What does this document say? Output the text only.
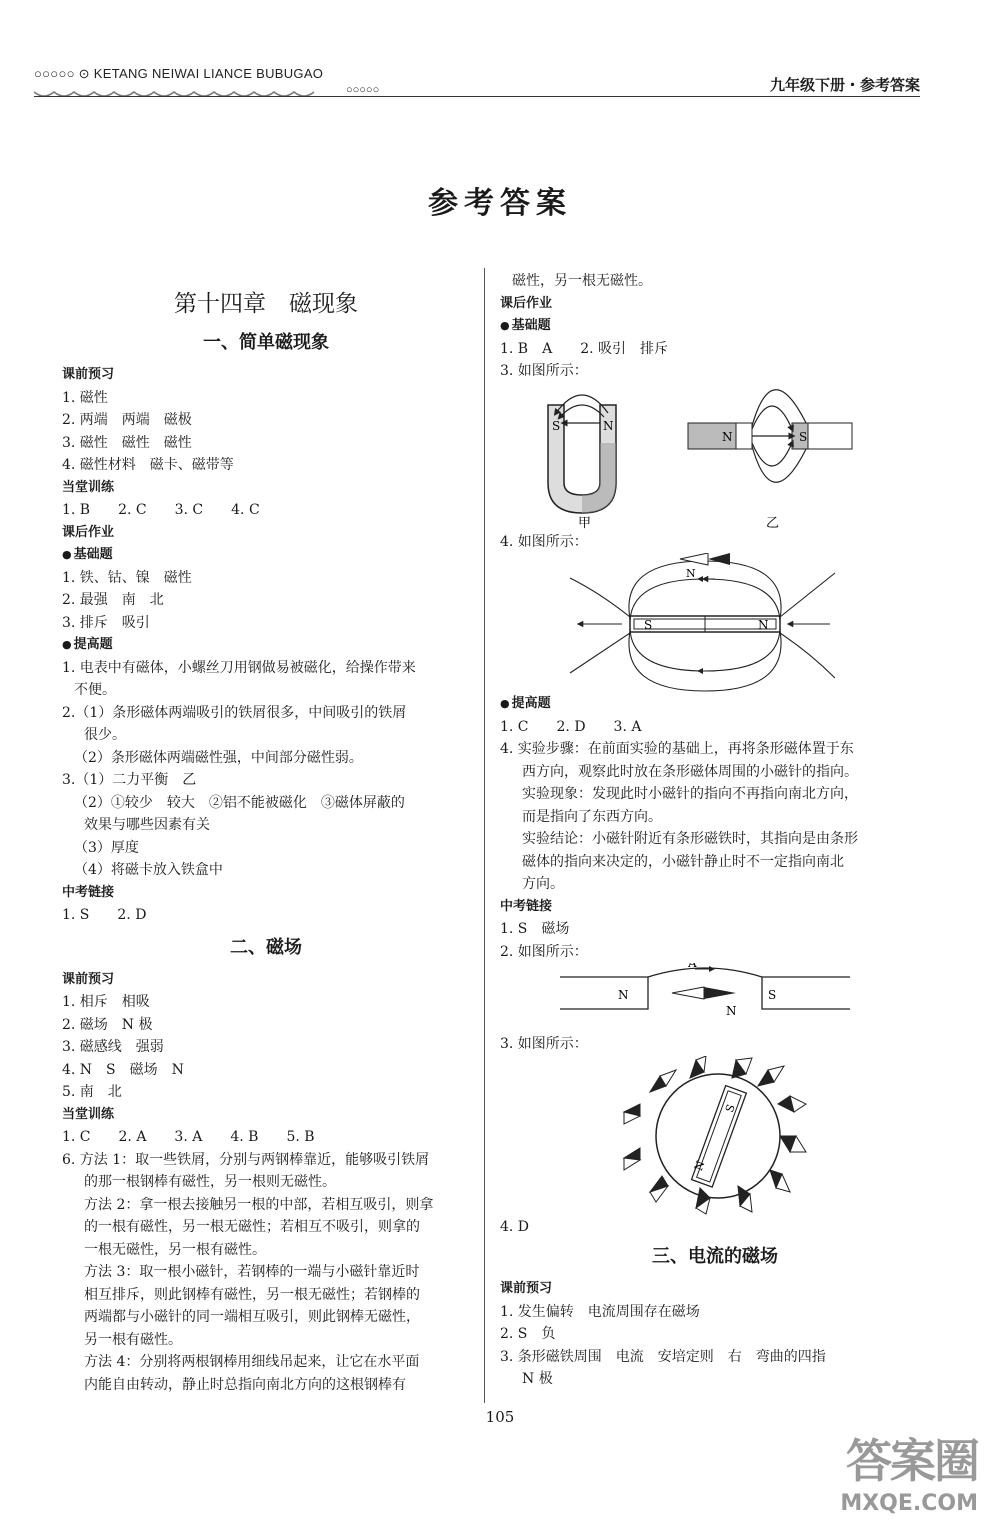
○○○○○ ⊙ KETANG NEIWAI LIANCE BUBUGAO
○○○○○	九年级下册・参考答案
参考答案
第十四章　磁现象
一、简单磁现象
课前预习
1. 磁性
2. 两端　两端　磁极
3. 磁性　磁性　磁性
4. 磁性材料　磁卡、磁带等
当堂训练
1. B　　2. C　　3. C　　4. C
课后作业
● 基础题
1. 铁、钴、镍　磁性
2. 最强　南　北
3. 排斥　吸引
● 提高题
1. 电表中有磁体，小螺丝刀用钢做易被磁化，给操作带来
不便。
2.（1）条形磁体两端吸引的铁屑很多，中间吸引的铁屑
很少。
（2）条形磁体两端磁性强，中间部分磁性弱。
3.（1）二力平衡　乙
（2）①较少　较大　②铝不能被磁化　③磁体屏蔽的
效果与哪些因素有关
（3）厚度
（4）将磁卡放入铁盒中
中考链接
1. S　　2. D
二、磁场
课前预习
1. 相斥　相吸
2. 磁场　N 极
3. 磁感线　强弱
4. N　S　磁场　N
5. 南　北
当堂训练
1. C　　2. A　　3. A　　4. B　　5. B
6. 方法 1：取一些铁屑，分别与两钢棒靠近，能够吸引铁屑
的那一根钢棒有磁性，另一根则无磁性。
方法 2：拿一根去接触另一根的中部，若相互吸引，则拿
的一根有磁性，另一根无磁性；若相互不吸引，则拿的
一根无磁性，另一根有磁性。
方法 3：取一根小磁针，若钢棒的一端与小磁针靠近时
相互排斥，则此钢棒有磁性，另一根无磁性；若钢棒的
两端都与小磁针的同一端相互吸引，则此钢棒无磁性，
另一根有磁性。
方法 4：分别将两根钢棒用细线吊起来，让它在水平面
内能自由转动，静止时总指向南北方向的这根钢棒有
磁性，另一根无磁性。
课后作业
● 基础题
1. B　A　　2. 吸引　排斥
3. 如图所示：
S	N
甲
N	S
乙
4. 如图所示：
S	N
N
● 提高题
1. C　　2. D　　3. A
4. 实验步骤：在前面实验的基础上，再将条形磁体置于东
西方向，观察此时放在条形磁体周围的小磁针的指向。
实验现象：发现此时小磁针的指向不再指向南北方向，
而是指向了东西方向。
实验结论：小磁针附近有条形磁铁时，其指向是由条形
磁体的指向来决定的，小磁针静止时不一定指向南北
方向。
中考链接
1. S　磁场
2. 如图所示：
N	S
A
N
3. 如图所示：
N
S
4. D
三、电流的磁场
课前预习
1. 发生偏转　电流周围存在磁场
2. S　负
3. 条形磁铁周围　电流　安培定则　右　弯曲的四指
N 极
105
答案圈
MXQE.COM
